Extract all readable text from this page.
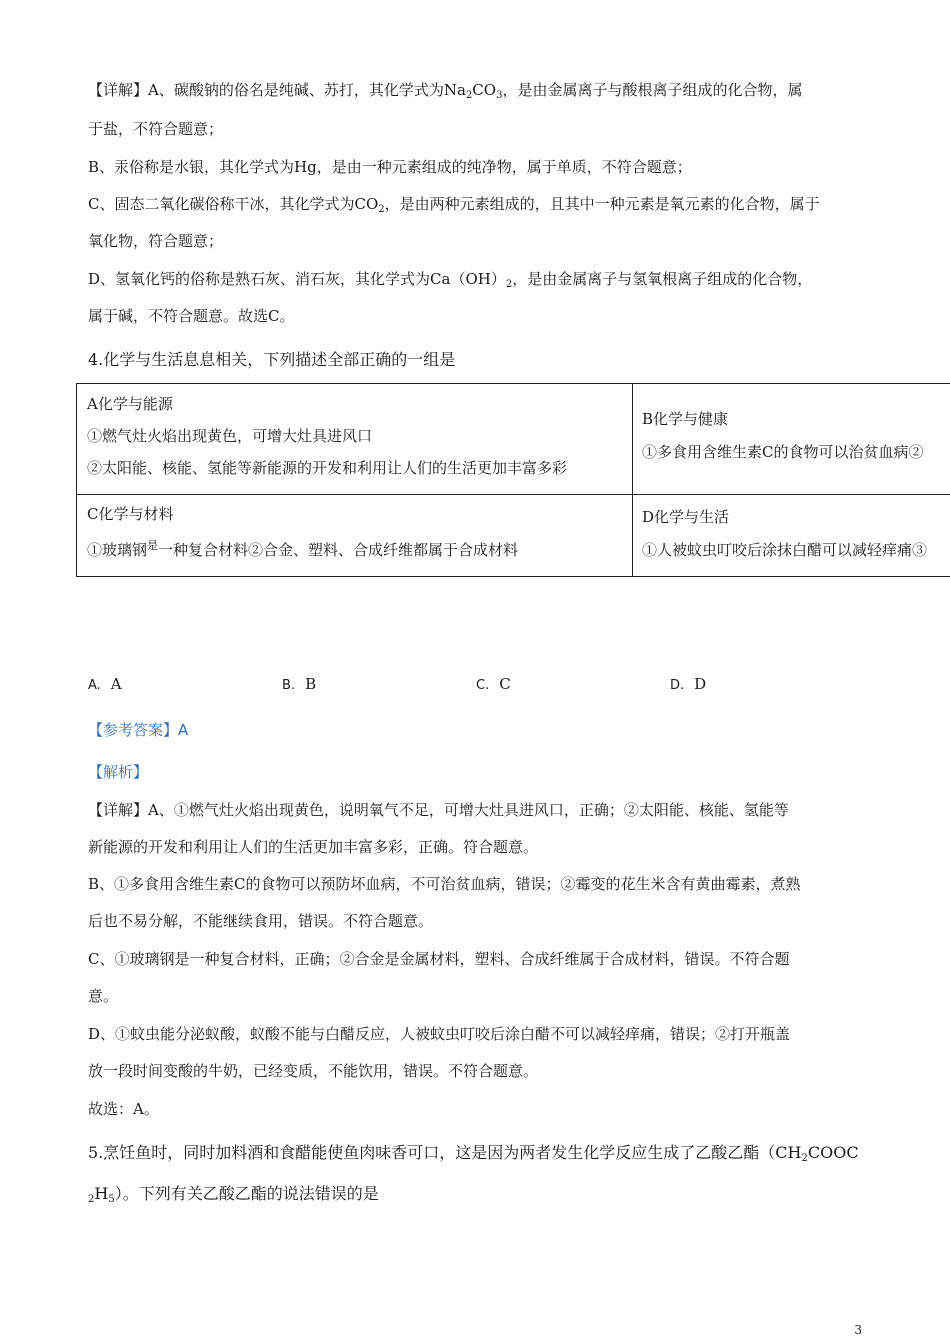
【详解】A、碳酸钠的俗名是纯碱、苏打，其化学式为$Na_2CO_3$，是由金属离子与酸根离子组成的化合物，属
于盐，不符合题意；
B、汞俗称是水银，其化学式为Hg，是由一种元素组成的纯净物，属于单质，不符合题意；
C、固态二氧化碳俗称干冰，其化学式为$CO_2$，是由两种元素组成的，且其中一种元素是氧元素的化合物，属于
氧化物，符合题意；
D、氢氧化钙的俗称是熟石灰、消石灰，其化学式为$Ca(OH)_2$，是由金属离子与氢氧根离子组成的化合物，
属于碱，不符合题意。故选C。
4.化学与生活息息相关，下列描述全部正确的一组是
A化学与能源
①燃气灶火焰出现黄色，可增大灶具进风口
②太阳能、核能、氢能等新能源的开发和利用让人们的生活更加丰富多彩
B化学与健康
①多食用含维生素C的食物可以治贫血病②
C化学与材料
①玻璃钢$^是$一种复合材料②合金、塑料、合成纤维都属于合成材料
D化学与生活
①人被蚊虫叮咬后涂抹白醋可以减轻痒痛③
A. A	B. B	C. C	D. D
【参考答案】A
【解析】
【详解】A、①燃气灶火焰出现黄色，说明氧气不足，可增大灶具进风口，正确；②太阳能、核能、氢能等
新能源的开发和利用让人们的生活更加丰富多彩，正确。符合题意。
B、①多食用含维生素C的食物可以预防坏血病，不可治贫血病，错误；②霉变的花生米含有黄曲霉素，煮熟
后也不易分解，不能继续食用，错误。不符合题意。
C、①玻璃钢是一种复合材料，正确；②合金是金属材料，塑料、合成纤维属于合成材料，错误。不符合题
意。
D、①蚊虫能分泌蚁酸，蚁酸不能与白醋反应，人被蚊虫叮咬后涂白醋不可以减轻痒痛，错误；②打开瓶盖
放一段时间变酸的牛奶，已经变质，不能饮用，错误。不符合题意。
故选：A。
5.烹饪鱼时，同时加料酒和食醋能使鱼肉味香可口，这是因为两者发生化学反应生成了乙酸乙酯（$CH_2COOC$
$_2H_5$）。下列有关乙酸乙酯的说法错误的是
3
